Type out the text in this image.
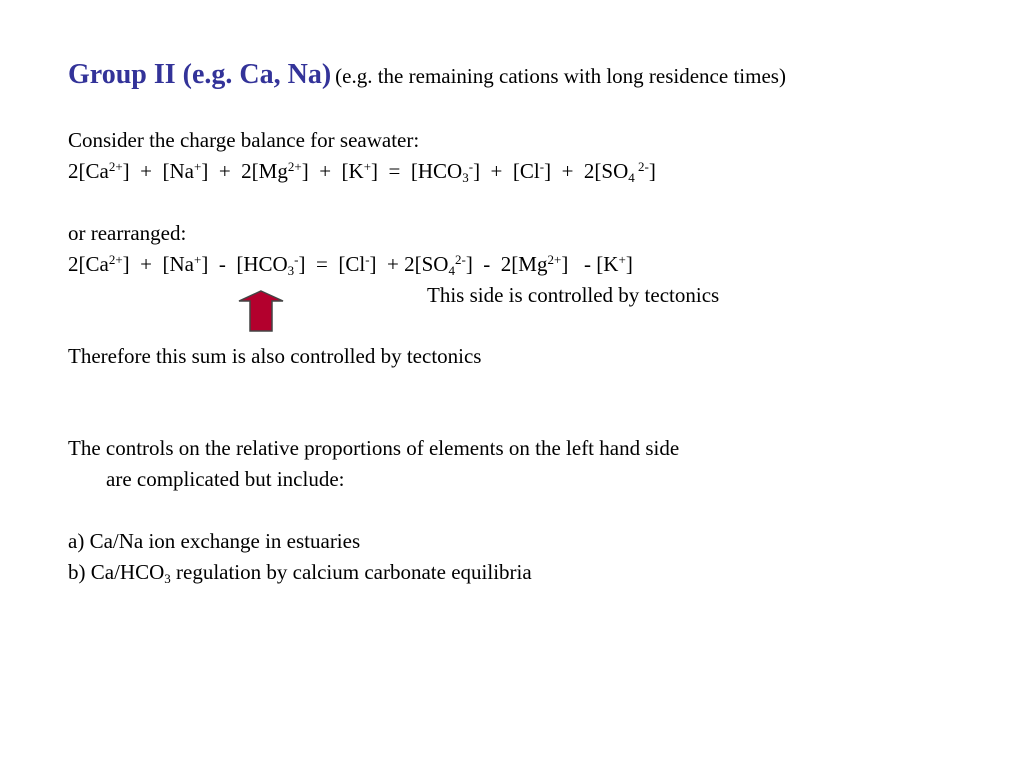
Group II (e.g. Ca, Na) (e.g. the remaining cations with long residence times)
Consider the charge balance for seawater:
$2[Ca^{2+}] + [Na^+] + 2[Mg^{2+}] + [K^+] = [HCO_3^-] + [Cl^-] + 2[SO_4$ $^{2-}$]
or rearranged:
$2[Ca^{2+}] + [Na^+] - [HCO_3^-] = [Cl^-] + 2[SO_4^{2-}] - 2[Mg^{2+}] - [K^+]$
This side is controlled by tectonics
Therefore this sum is also controlled by tectonics
The controls on the relative proportions of elements on the left hand side
are complicated but include:
a) Ca/Na ion exchange in estuaries
b) $Ca/HCO_3$ regulation by calcium carbonate equilibria
